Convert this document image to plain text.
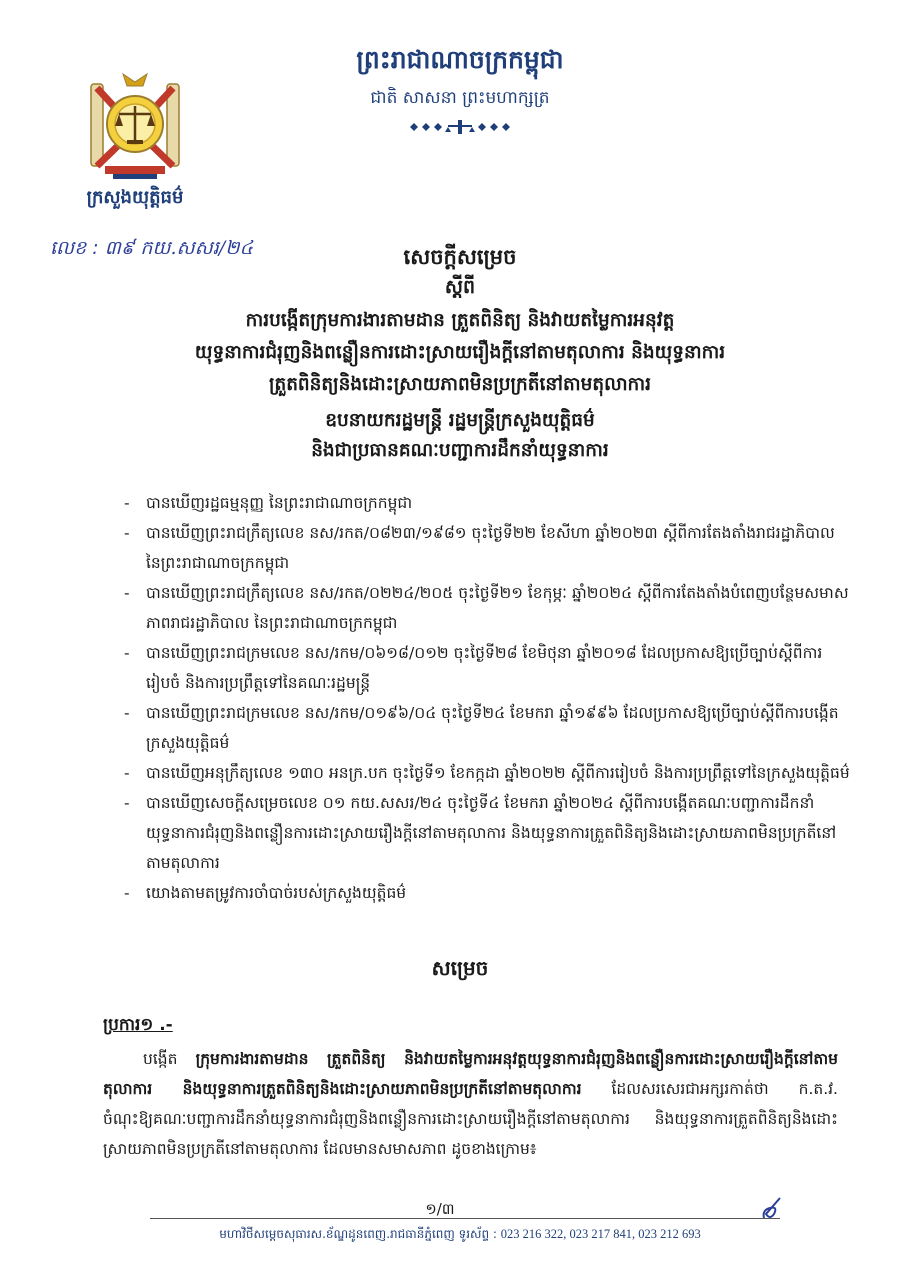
ព្រះរាជាណាចក្រកម្ពុជា
ជាតិ សាសនា ព្រះមហាក្សត្រ
ក្រសួងយុត្តិធម៌
លេខ : ៣៩ កយ.សសរ/២៤	សេចក្តីសម្រេច
ស្តីពី
ការបង្កើតក្រុមការងារតាមដាន ត្រួតពិនិត្យ និងវាយតម្លៃការអនុវត្ត
យុទ្ធនាការជំរុញនិងពន្លឿនការដោះស្រាយរឿងក្តីនៅតាមតុលាការ និងយុទ្ធនាការ
ត្រួតពិនិត្យនិងដោះស្រាយភាពមិនប្រក្រតីនៅតាមតុលាការ
ឧបនាយករដ្ឋមន្ត្រី រដ្ឋមន្ត្រីក្រសួងយុត្តិធម៌
និងជាប្រធានគណៈបញ្ជាការដឹកនាំយុទ្ធនាការ
- បានឃើញរដ្ឋធម្មនុញ្ញ នៃព្រះរាជាណាចក្រកម្ពុជា
- បានឃើញព្រះរាជក្រឹត្យលេខ នស/រកត/០៨២៣/១៩៨១ ចុះថ្ងៃទី២២ ខែសីហា ឆ្នាំ២០២៣ ស្តីពីការតែងតាំងរាជរដ្ឋាភិបាល នៃព្រះរាជាណាចក្រកម្ពុជា
- បានឃើញព្រះរាជក្រឹត្យលេខ នស/រកត/០២២៤/២០៥ ចុះថ្ងៃទី២១ ខែកុម្ភៈ ឆ្នាំ២០២៤ ស្តីពីការតែងតាំងបំពេញបន្ថែមសមាសភាពរាជរដ្ឋាភិបាល នៃព្រះរាជាណាចក្រកម្ពុជា
- បានឃើញព្រះរាជក្រមលេខ នស/រកម/០៦១៨/០១២ ចុះថ្ងៃទី២៨ ខែមិថុនា ឆ្នាំ២០១៨ ដែលប្រកាសឱ្យប្រើច្បាប់ស្តីពីការរៀបចំ និងការប្រព្រឹត្តទៅនៃគណៈរដ្ឋមន្ត្រី
- បានឃើញព្រះរាជក្រមលេខ នស/រកម/០១៩៦/០៤ ចុះថ្ងៃទី២៤ ខែមករា ឆ្នាំ១៩៩៦ ដែលប្រកាសឱ្យប្រើច្បាប់ស្តីពីការបង្កើតក្រសួងយុត្តិធម៌
- បានឃើញអនុក្រឹត្យលេខ ១៣០ អនក្រ.បក ចុះថ្ងៃទី១ ខែកក្កដា ឆ្នាំ២០២២ ស្តីពីការរៀបចំ និងការប្រព្រឹត្តទៅនៃក្រសួងយុត្តិធម៌
- បានឃើញសេចក្តីសម្រេចលេខ ០១ កយ.សសរ/២៤ ចុះថ្ងៃទី៤ ខែមករា ឆ្នាំ២០២៤ ស្តីពីការបង្កើតគណៈបញ្ជាការដឹកនាំយុទ្ធនាការជំរុញនិងពន្លឿនការដោះស្រាយរឿងក្តីនៅតាមតុលាការ និងយុទ្ធនាការត្រួតពិនិត្យនិងដោះស្រាយភាពមិនប្រក្រតីនៅតាមតុលាការ
- យោងតាមតម្រូវការចាំបាច់របស់ក្រសួងយុត្តិធម៌
សម្រេច
ប្រការ១ .-
បង្កើត ក្រុមការងារតាមដាន ត្រួតពិនិត្យ និងវាយតម្លៃការអនុវត្តយុទ្ធនាការជំរុញនិងពន្លឿនការដោះស្រាយរឿងក្តីនៅតាមតុលាការ និងយុទ្ធនាការត្រួតពិនិត្យនិងដោះស្រាយភាពមិនប្រក្រតីនៅតាមតុលាការ ដែលសរសេរជាអក្សរកាត់ថា ក.ត.វ. ចំណុះឱ្យគណៈបញ្ជាការដឹកនាំយុទ្ធនាការជំរុញនិងពន្លឿនការដោះស្រាយរឿងក្តីនៅតាមតុលាការ និងយុទ្ធនាការត្រួតពិនិត្យនិងដោះស្រាយភាពមិនប្រក្រតីនៅតាមតុលាការ ដែលមានសមាសភាព ដូចខាងក្រោម៖
១/៣
មហាវិថីសម្តេចសុធារស.ខ័ណ្ឌដូនពេញ.រាជធានីភ្នំពេញ ទូរស័ព្ទ : 023 216 322, 023 217 841, 023 212 693
